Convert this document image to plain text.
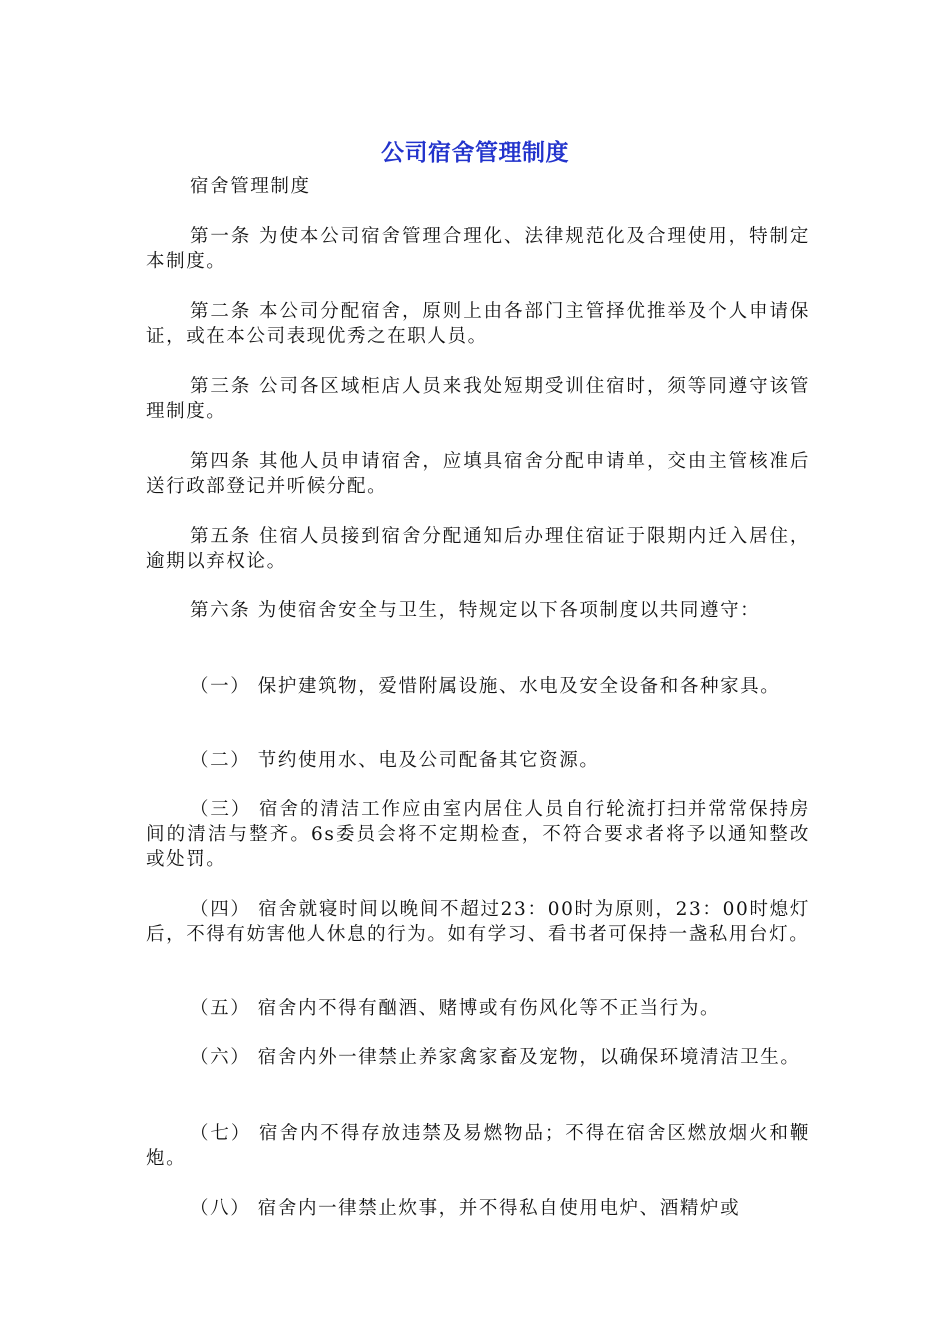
公司宿舍管理制度

宿舍管理制度

第一条 为使本公司宿舍管理合理化、法律规范化及合理使用，特制定本制度。

第二条 本公司分配宿舍，原则上由各部门主管择优推举及个人申请保证，或在本公司表现优秀之在职人员。

第三条 公司各区域柜店人员来我处短期受训住宿时，须等同遵守该管理制度。

第四条 其他人员申请宿舍，应填具宿舍分配申请单，交由主管核准后送行政部登记并听候分配。

第五条 住宿人员接到宿舍分配通知后办理住宿证于限期内迁入居住，逾期以弃权论。

第六条 为使宿舍安全与卫生，特规定以下各项制度以共同遵守：

（一） 保护建筑物，爱惜附属设施、水电及安全设备和各种家具。

（二） 节约使用水、电及公司配备其它资源。

（三） 宿舍的清洁工作应由室内居住人员自行轮流打扫并常常保持房间的清洁与整齐。6s委员会将不定期检查，不符合要求者将予以通知整改或处罚。

（四） 宿舍就寝时间以晚间不超过23：00时为原则，23：00时熄灯后，不得有妨害他人休息的行为。如有学习、看书者可保持一盏私用台灯。

（五） 宿舍内不得有酗酒、赌博或有伤风化等不正当行为。

（六） 宿舍内外一律禁止养家禽家畜及宠物，以确保环境清洁卫生。

（七） 宿舍内不得存放违禁及易燃物品；不得在宿舍区燃放烟火和鞭炮。

（八） 宿舍内一律禁止炊事，并不得私自使用电炉、酒精炉或
